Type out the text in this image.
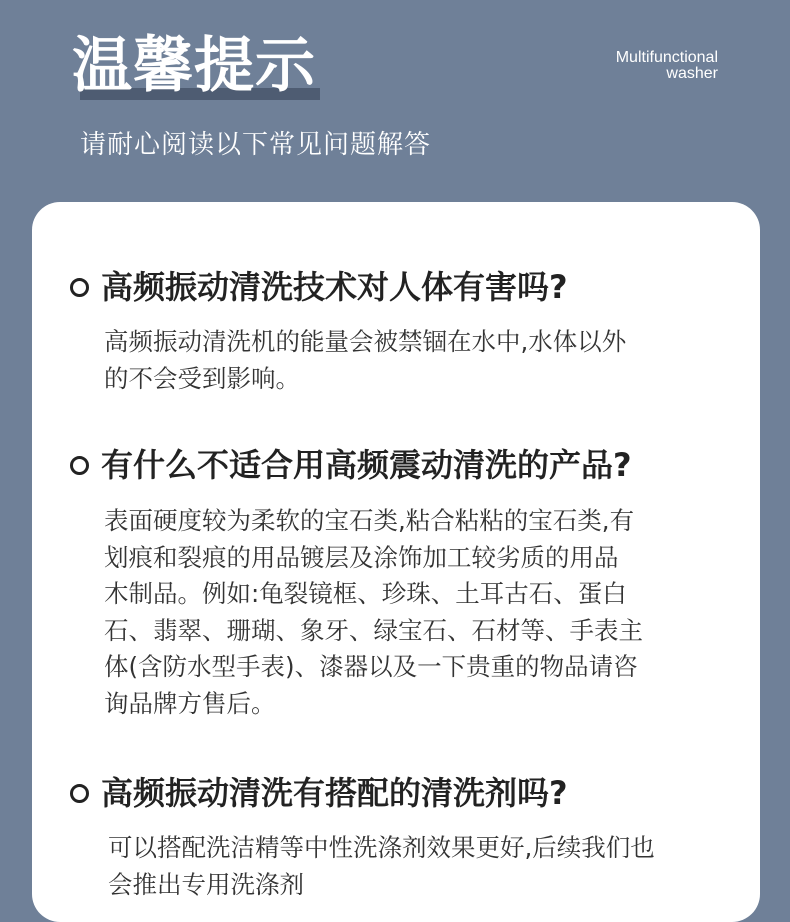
温馨提示	Multifunctional
washer
请耐心阅读以下常见问题解答
高频振动清洗技术对人体有害吗?
高频振动清洗机的能量会被禁锢在水中,水体以外
的不会受到影响。
有什么不适合用高频震动清洗的产品?
表面硬度较为柔软的宝石类,粘合粘粘的宝石类,有
划痕和裂痕的用品镀层及涂饰加工较劣质的用品
木制品。例如:龟裂镜框、珍珠、土耳古石、蛋白
石、翡翠、珊瑚、象牙、绿宝石、石材等、手表主
体(含防水型手表)、漆器以及一下贵重的物品请咨
询品牌方售后。
高频振动清洗有搭配的清洗剂吗?
可以搭配洗洁精等中性洗涤剂效果更好,后续我们也
会推出专用洗涤剂
